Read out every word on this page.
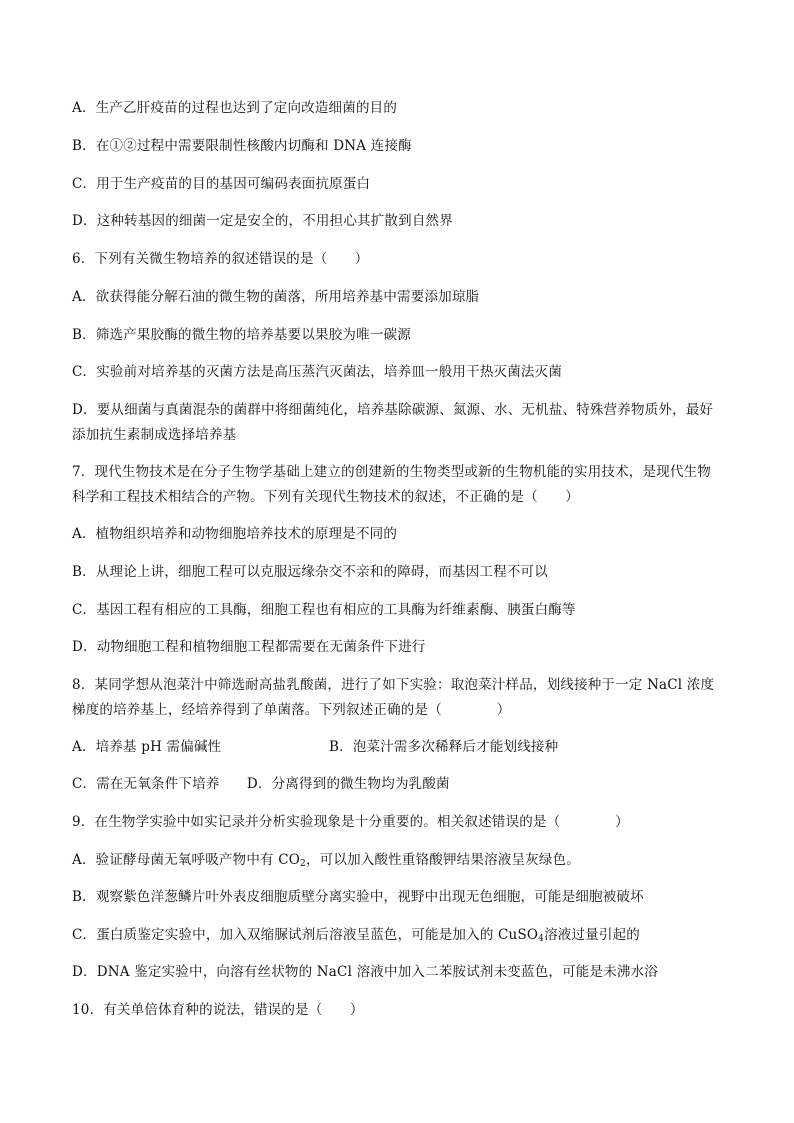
A．生产乙肝疫苗的过程也达到了定向改造细菌的目的
B．在①②过程中需要限制性核酸内切酶和 DNA 连接酶
C．用于生产疫苗的目的基因可编码表面抗原蛋白
D．这种转基因的细菌一定是安全的，不用担心其扩散到自然界
6．下列有关微生物培养的叙述错误的是（　　）
A．欲获得能分解石油的微生物的菌落，所用培养基中需要添加琼脂
B．筛选产果胶酶的微生物的培养基要以果胶为唯一碳源
C．实验前对培养基的灭菌方法是高压蒸汽灭菌法，培养皿一般用干热灭菌法灭菌
D．要从细菌与真菌混杂的菌群中将细菌纯化，培养基除碳源、氮源、水、无机盐、特殊营养物质外，最好
添加抗生素制成选择培养基
7．现代生物技术是在分子生物学基础上建立的创建新的生物类型或新的生物机能的实用技术，是现代生物
科学和工程技术相结合的产物。下列有关现代生物技术的叙述，不正确的是（　　）
A．植物组织培养和动物细胞培养技术的原理是不同的
B．从理论上讲，细胞工程可以克服远缘杂交不亲和的障碍，而基因工程不可以
C．基因工程有相应的工具酶，细胞工程也有相应的工具酶为纤维素酶、胰蛋白酶等
D．动物细胞工程和植物细胞工程都需要在无菌条件下进行
8．某同学想从泡菜汁中筛选耐高盐乳酸菌，进行了如下实验：取泡菜汁样品，划线接种于一定 NaCl 浓度
梯度的培养基上，经培养得到了单菌落。下列叙述正确的是（　　　　）
A．培养基 pH 需偏碱性	B．泡菜汁需多次稀释后才能划线接种
C．需在无氧条件下培养　　D．分离得到的微生物均为乳酸菌
9．在生物学实验中如实记录并分析实验现象是十分重要的。相关叙述错误的是（　　　　）
A．验证酵母菌无氧呼吸产物中有 $CO_2$，可以加入酸性重铬酸钾结果溶液呈灰绿色。
B．观察紫色洋葱鳞片叶外表皮细胞质壁分离实验中，视野中出现无色细胞，可能是细胞被破坏
C．蛋白质鉴定实验中，加入双缩脲试剂后溶液呈蓝色，可能是加入的 CuSO$_4$溶液过量引起的
D．DNA 鉴定实验中，向溶有丝状物的 NaCl 溶液中加入二苯胺试剂未变蓝色，可能是未沸水浴
10．有关单倍体育种的说法，错误的是（　　）
